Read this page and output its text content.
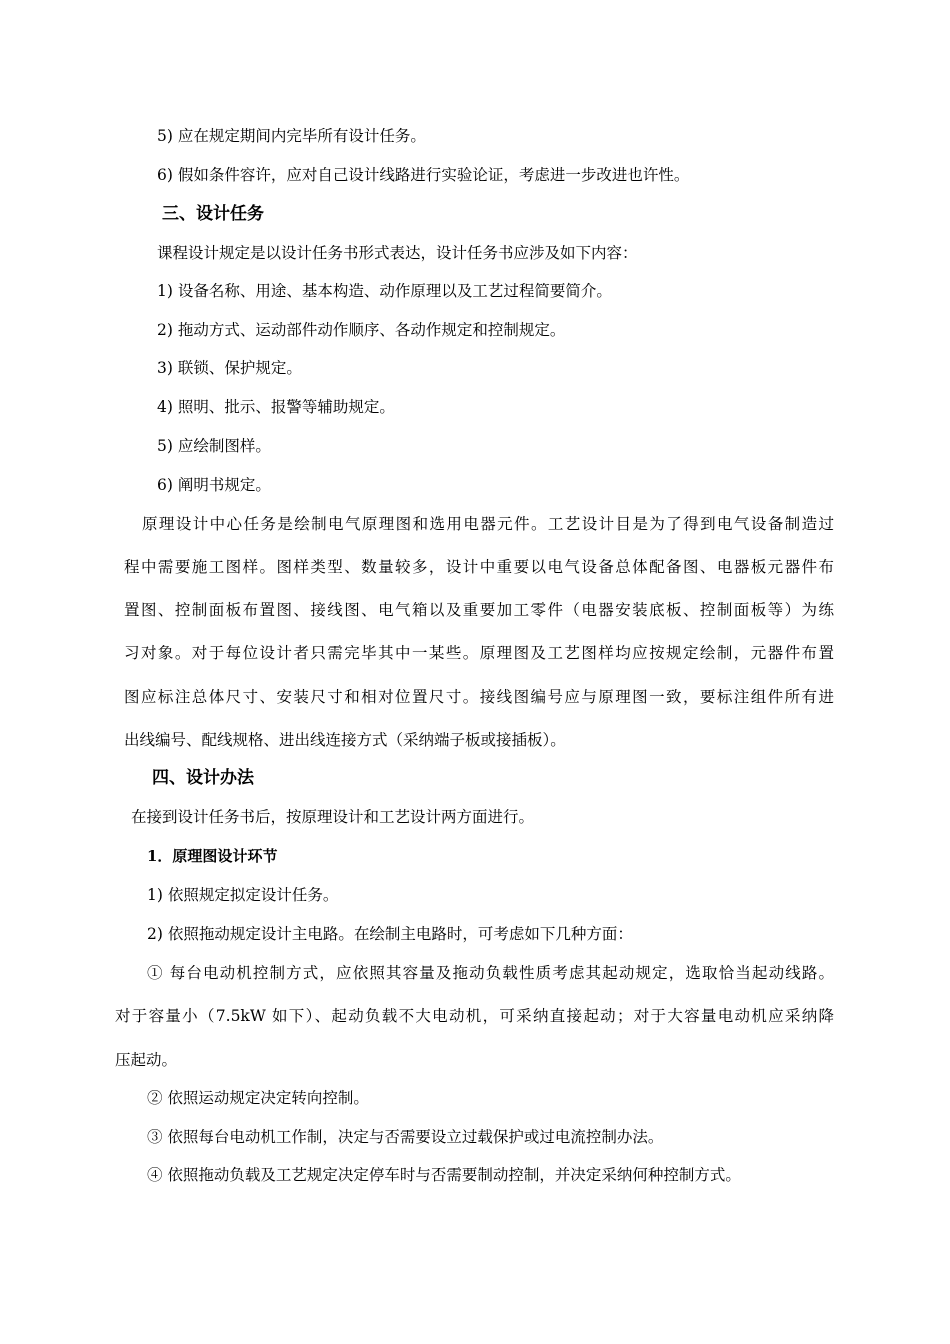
5) 应在规定期间内完毕所有设计任务。
6) 假如条件容许，应对自己设计线路进行实验论证，考虑进一步改进也许性。
三、设计任务
课程设计规定是以设计任务书形式表达，设计任务书应涉及如下内容：
1) 设备名称、用途、基本构造、动作原理以及工艺过程简要简介。
2) 拖动方式、运动部件动作顺序、各动作规定和控制规定。
3) 联锁、保护规定。
4) 照明、批示、报警等辅助规定。
5) 应绘制图样。
6) 阐明书规定。
原理设计中心任务是绘制电气原理图和选用电器元件。工艺设计目是为了得到电气设备制造过
程中需要施工图样。图样类型、数量较多，设计中重要以电气设备总体配备图、电器板元器件布
置图、控制面板布置图、接线图、电气箱以及重要加工零件（电器安装底板、控制面板等）为练
习对象。对于每位设计者只需完毕其中一某些。原理图及工艺图样均应按规定绘制，元器件布置
图应标注总体尺寸、安装尺寸和相对位置尺寸。接线图编号应与原理图一致，要标注组件所有进
出线编号、配线规格、进出线连接方式（采纳端子板或接插板）。
四、设计办法
在接到设计任务书后，按原理设计和工艺设计两方面进行。
1．原理图设计环节
1) 依照规定拟定设计任务。
2) 依照拖动规定设计主电路。在绘制主电路时，可考虑如下几种方面：
① 每台电动机控制方式，应依照其容量及拖动负载性质考虑其起动规定，选取恰当起动线路。
对于容量小（7.5kW 如下）、起动负载不大电动机，可采纳直接起动；对于大容量电动机应采纳降
压起动。
② 依照运动规定决定转向控制。
③ 依照每台电动机工作制，决定与否需要设立过载保护或过电流控制办法。
④ 依照拖动负载及工艺规定决定停车时与否需要制动控制，并决定采纳何种控制方式。
